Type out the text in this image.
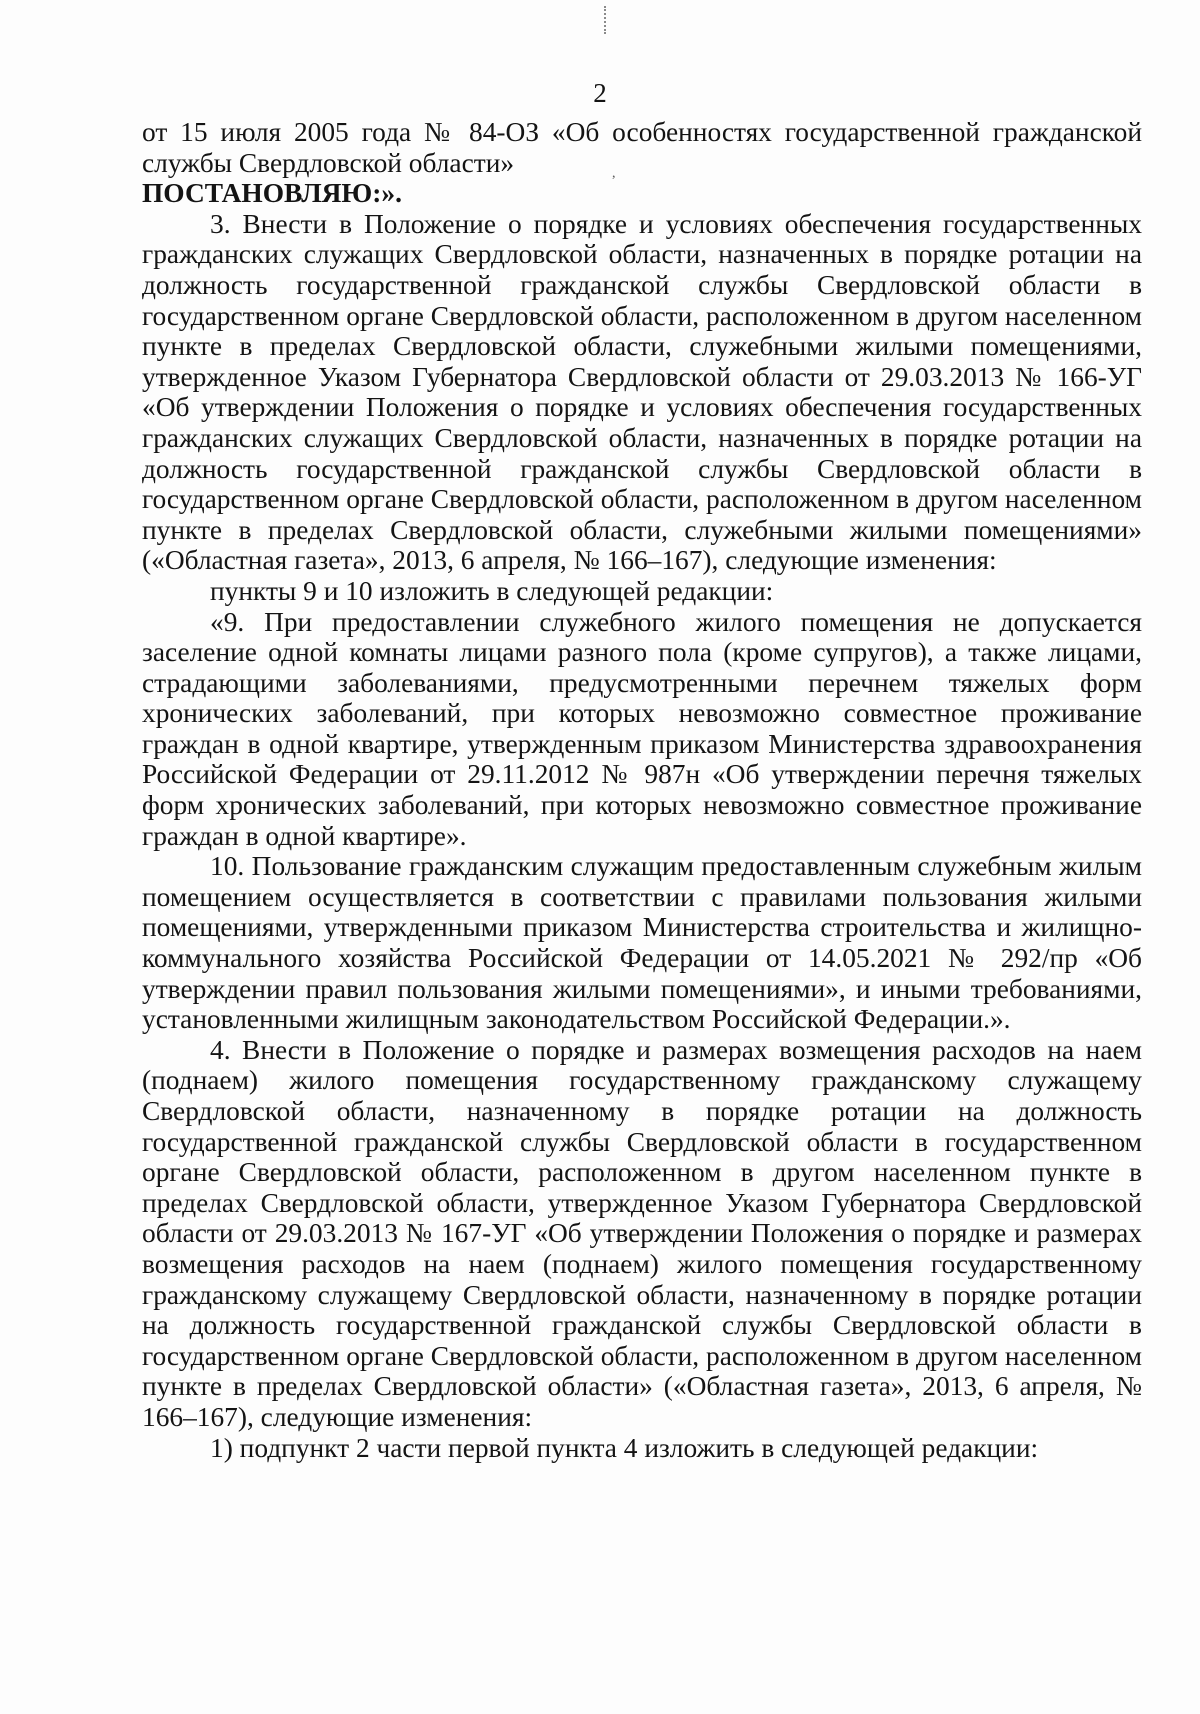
2
,

от 15 июля 2005 года № 84-ОЗ «Об особенностях государственной гражданской службы Свердловской области»

ПОСТАНОВЛЯЮ:».

3. Внести в Положение о порядке и условиях обеспечения государственных гражданских служащих Свердловской области, назначенных в порядке ротации на должность государственной гражданской службы Свердловской области в государственном органе Свердловской области, расположенном в другом населенном пункте в пределах Свердловской области, служебными жилыми помещениями, утвержденное Указом Губернатора Свердловской области от 29.03.2013 № 166-УГ «Об утверждении Положения о порядке и условиях обеспечения государственных гражданских служащих Свердловской области, назначенных в порядке ротации на должность государственной гражданской службы Свердловской области в государственном органе Свердловской области, расположенном в другом населенном пункте в пределах Свердловской области, служебными жилыми помещениями» («Областная газета», 2013, 6 апреля, № 166–167), следующие изменения:

пункты 9 и 10 изложить в следующей редакции:

«9. При предоставлении служебного жилого помещения не допускается заселение одной комнаты лицами разного пола (кроме супругов), а также лицами, страдающими заболеваниями, предусмотренными перечнем тяжелых форм хронических заболеваний, при которых невозможно совместное проживание граждан в одной квартире, утвержденным приказом Министерства здравоохранения Российской Федерации от 29.11.2012 № 987н «Об утверждении перечня тяжелых форм хронических заболеваний, при которых невозможно совместное проживание граждан в одной квартире».

10. Пользование гражданским служащим предоставленным служебным жилым помещением осуществляется в соответствии с правилами пользования жилыми помещениями, утвержденными приказом Министерства строительства и жилищно-коммунального хозяйства Российской Федерации от 14.05.2021 № 292/пр «Об утверждении правил пользования жилыми помещениями», и иными требованиями, установленными жилищным законодательством Российской Федерации.».

4. Внести в Положение о порядке и размерах возмещения расходов на наем (поднаем) жилого помещения государственному гражданскому служащему Свердловской области, назначенному в порядке ротации на должность государственной гражданской службы Свердловской области в государственном органе Свердловской области, расположенном в другом населенном пункте в пределах Свердловской области, утвержденное Указом Губернатора Свердловской области от 29.03.2013 № 167-УГ «Об утверждении Положения о порядке и размерах возмещения расходов на наем (поднаем) жилого помещения государственному гражданскому служащему Свердловской области, назначенному в порядке ротации на должность государственной гражданской службы Свердловской области в государственном органе Свердловской области, расположенном в другом населенном пункте в пределах Свердловской области» («Областная газета», 2013, 6 апреля, № 166–167), следующие изменения:

1) подпункт 2 части первой пункта 4 изложить в следующей редакции:
